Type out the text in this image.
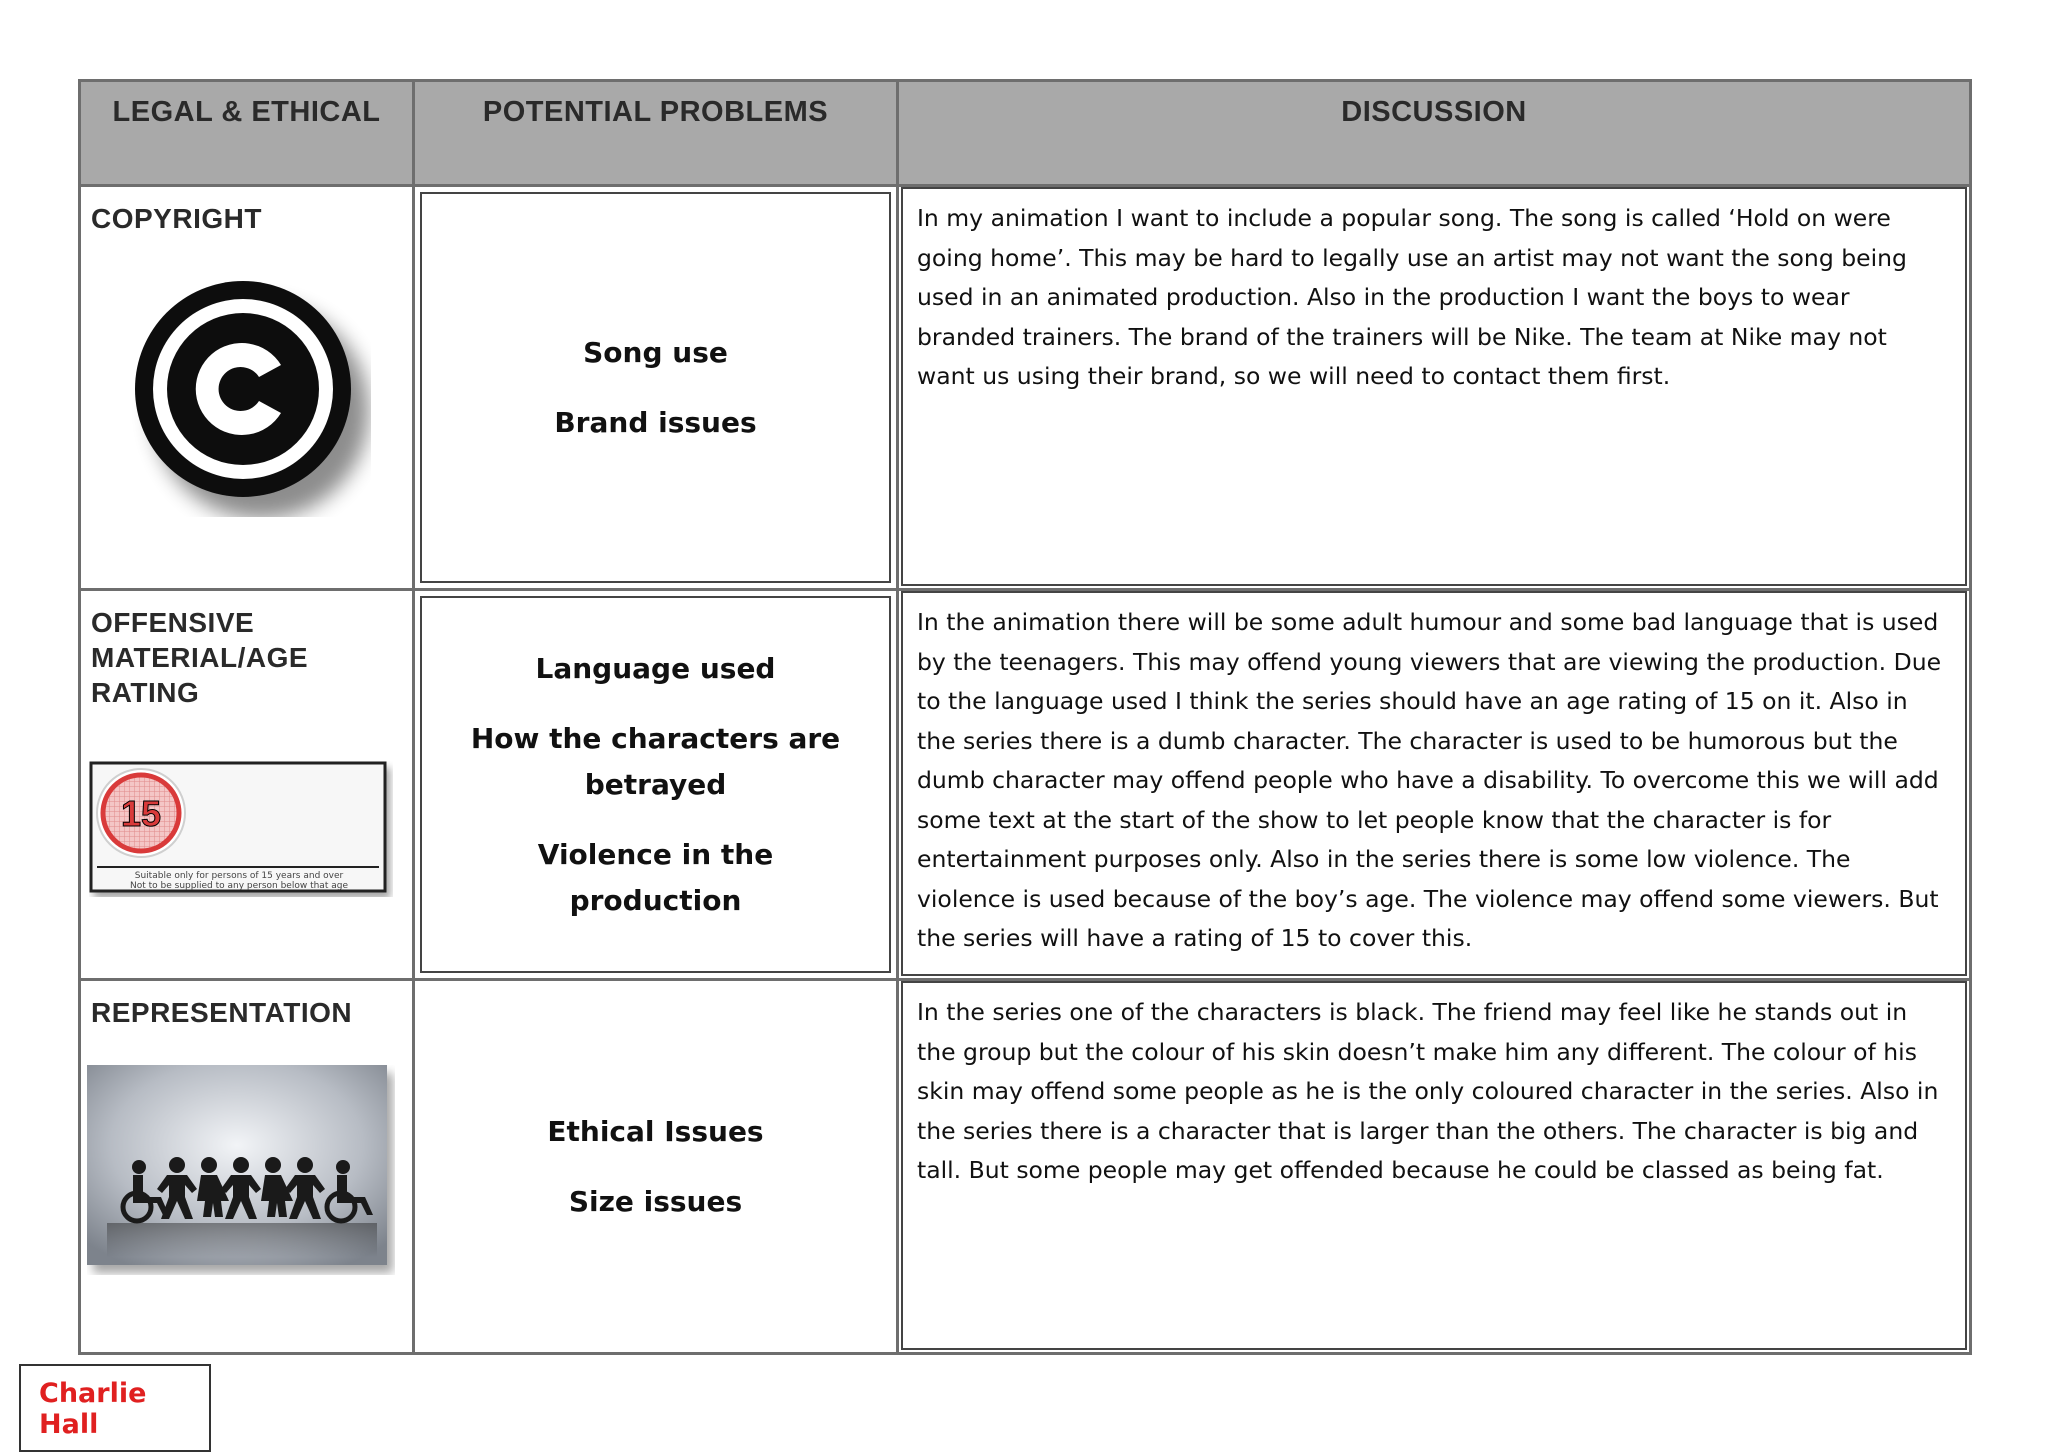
LEGAL & ETHICAL	POTENTIAL PROBLEMS	DISCUSSION
COPYRIGHT
Song use
Brand issues
In my animation I want to include a popular song. The song is called ‘Hold on were going home’. This may be hard to legally use an artist may not want the song being used in an animated production. Also in the production I want the boys to wear branded trainers. The brand of the trainers will be Nike. The team at Nike may not want us using their brand, so we will need to contact them first.
OFFENSIVE MATERIAL/AGE RATING
15
Suitable only for persons of 15 years and over
Not to be supplied to any person below that age
Language used
How the characters are betrayed
Violence in the production
In the animation there will be some adult humour and some bad language that is used by the teenagers. This may offend young viewers that are viewing the production. Due to the language used I think the series should have an age rating of 15 on it. Also in the series there is a dumb character. The character is used to be humorous but the dumb character may offend people who have a disability. To overcome this we will add some text at the start of the show to let people know that the character is for entertainment purposes only. Also in the series there is some low violence. The violence is used because of the boy’s age. The violence may offend some viewers. But the series will have a rating of 15 to cover this.
REPRESENTATION
Ethical Issues
Size issues
In the series one of the characters is black. The friend may feel like he stands out in the group but the colour of his skin doesn’t make him any different. The colour of his skin may offend some people as he is the only coloured character in the series. Also in the series there is a character that is larger than the others. The character is big and tall. But some people may get offended because he could be classed as being fat.
Charlie Hall
